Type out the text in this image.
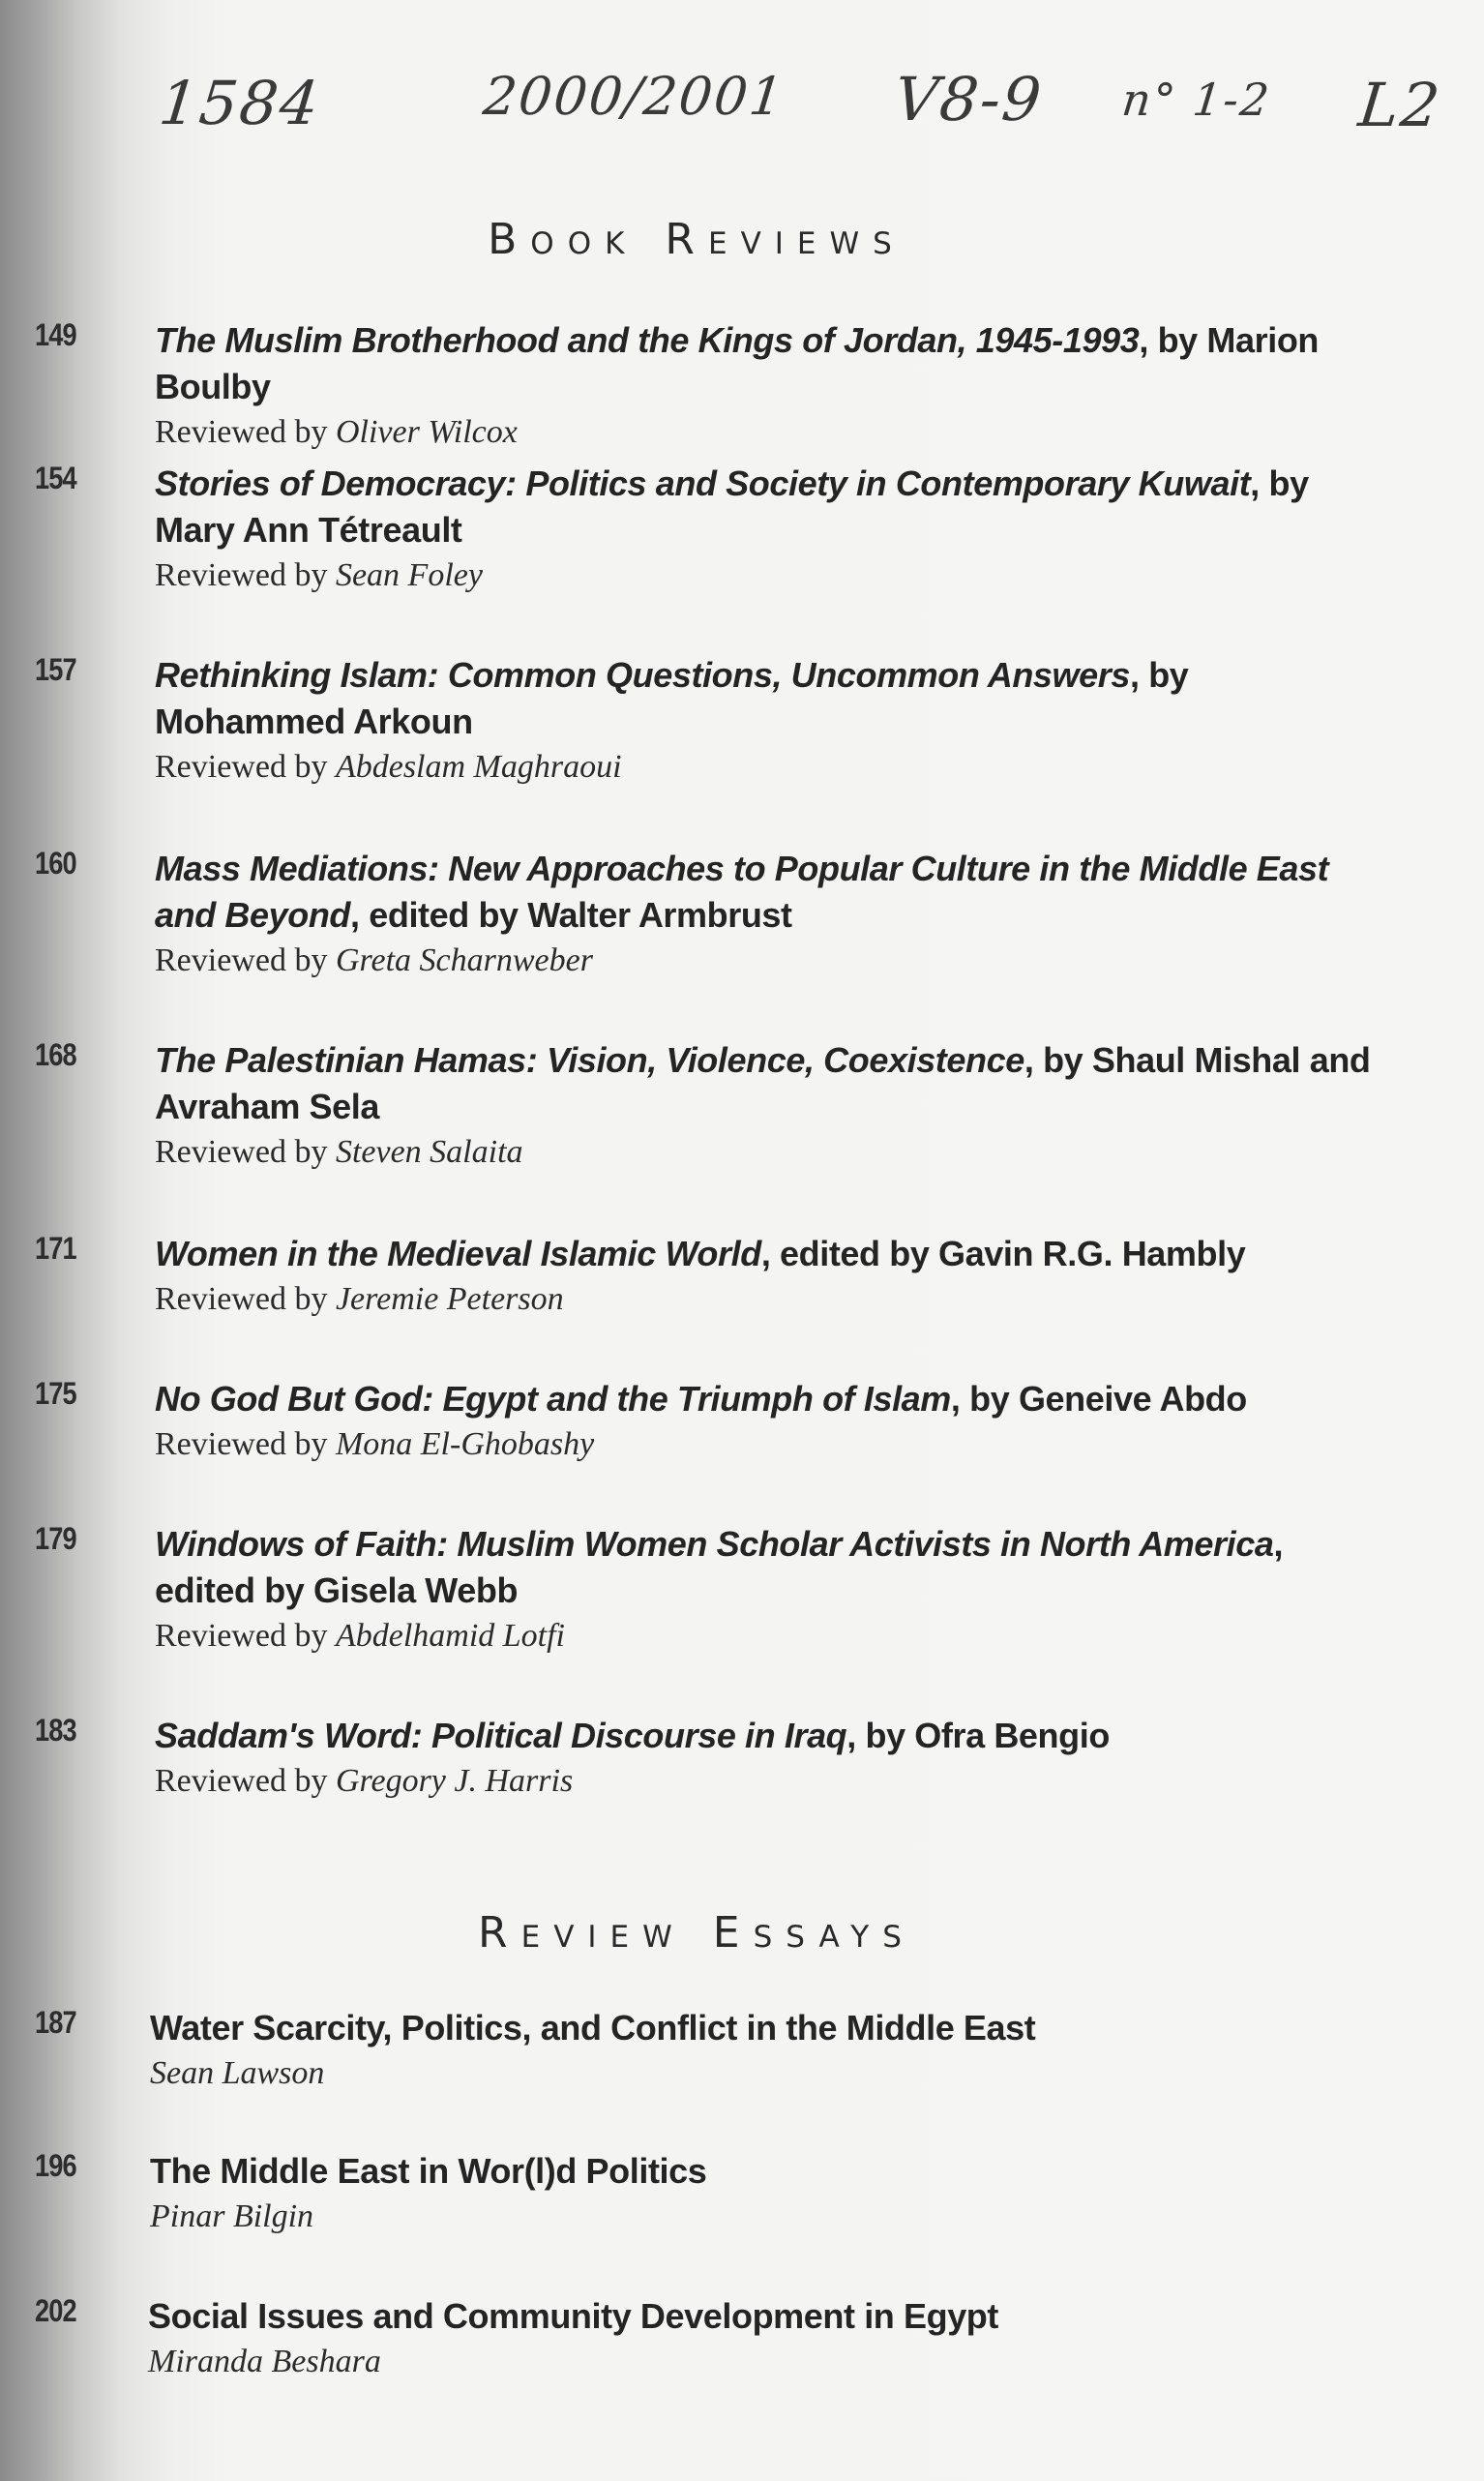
1584	2000/2001 V8-9 n° 1-2 L2
Book Reviews
149 The Muslim Brotherhood and the Kings of Jordan, 1945-1993, by Marion Boulby
Reviewed by Oliver Wilcox
154 Stories of Democracy: Politics and Society in Contemporary Kuwait, by Mary Ann Tétreault
Reviewed by Sean Foley
157 Rethinking Islam: Common Questions, Uncommon Answers, by Mohammed Arkoun
Reviewed by Abdeslam Maghraoui
160 Mass Mediations: New Approaches to Popular Culture in the Middle East and Beyond, edited by Walter Armbrust
Reviewed by Greta Scharnweber
168 The Palestinian Hamas: Vision, Violence, Coexistence, by Shaul Mishal and Avraham Sela
Reviewed by Steven Salaita
171 Women in the Medieval Islamic World, edited by Gavin R.G. Hambly
Reviewed by Jeremie Peterson
175 No God But God: Egypt and the Triumph of Islam, by Geneive Abdo
Reviewed by Mona El-Ghobashy
179 Windows of Faith: Muslim Women Scholar Activists in North America, edited by Gisela Webb
Reviewed by Abdelhamid Lotfi
183 Saddam's Word: Political Discourse in Iraq, by Ofra Bengio
Reviewed by Gregory J. Harris
Review Essays
187 Water Scarcity, Politics, and Conflict in the Middle East
Sean Lawson
196 The Middle East in Wor(l)d Politics
Pinar Bilgin
202 Social Issues and Community Development in Egypt
Miranda Beshara
